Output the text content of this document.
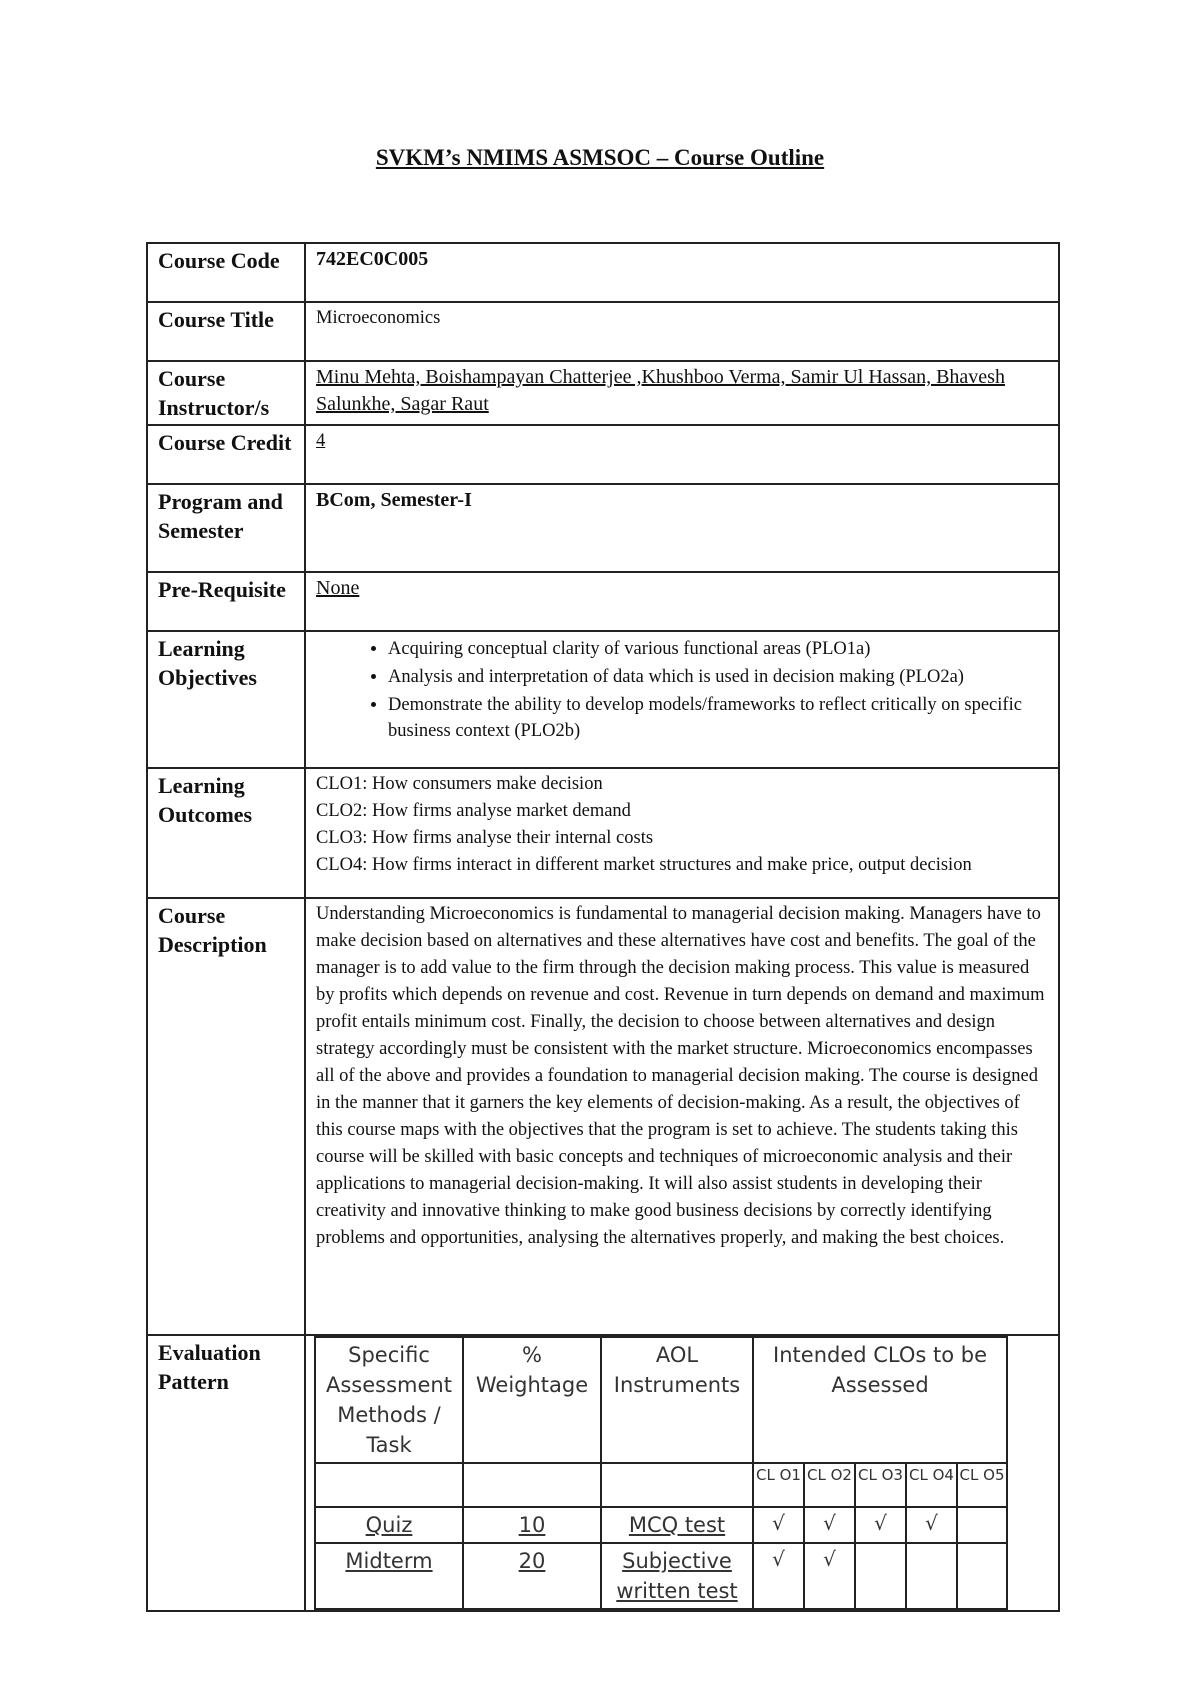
SVKM’s NMIMS ASMSOC – Course Outline
Course Code	742EC0C005
Course Title	Microeconomics
Course Instructor/s	Minu Mehta, Boishampayan Chatterjee ,Khushboo Verma, Samir Ul Hassan, Bhavesh Salunkhe, Sagar Raut
Course Credit	4
Program and Semester	BCom, Semester-I
Pre-Requisite	None
Learning Objectives	
• Acquiring conceptual clarity of various functional areas (PLO1a)
• Analysis and interpretation of data which is used in decision making (PLO2a)
• Demonstrate the ability to develop models/frameworks to reflect critically on specific business context (PLO2b)

Learning Outcomes	
CLO1: How consumers make decision
CLO2: How firms analyse market demand
CLO3: How firms analyse their internal costs
CLO4: How firms interact in different market structures and make price, output decision

Course Description	Understanding Microeconomics is fundamental to managerial decision making. Managers have to make decision based on alternatives and these alternatives have cost and benefits. The goal of the manager is to add value to the firm through the decision making process. This value is measured by profits which depends on revenue and cost. Revenue in turn depends on demand and maximum profit entails minimum cost. Finally, the decision to choose between alternatives and design strategy accordingly must be consistent with the market structure. Microeconomics encompasses all of the above and provides a foundation to managerial decision making. The course is designed in the manner that it garners the key elements of decision-making. As a result, the objectives of this course maps with the objectives that the program is set to achieve. The students taking this course will be skilled with basic concepts and techniques of microeconomic analysis and their applications to managerial decision-making. It will also assist students in developing their creativity and innovative thinking to make good business decisions by correctly identifying problems and opportunities, analysing the alternatives properly, and making the best choices.
Evaluation Pattern	
Specific Assessment Methods / Task	% Weightage	AOL Instruments	Intended CLOs to be Assessed
			CL O1	CL O2	CL O3	CL O4	CL O5
Quiz	10	MCQ test	√	√	√	√	
Midterm	20	Subjective written test	√	√			
